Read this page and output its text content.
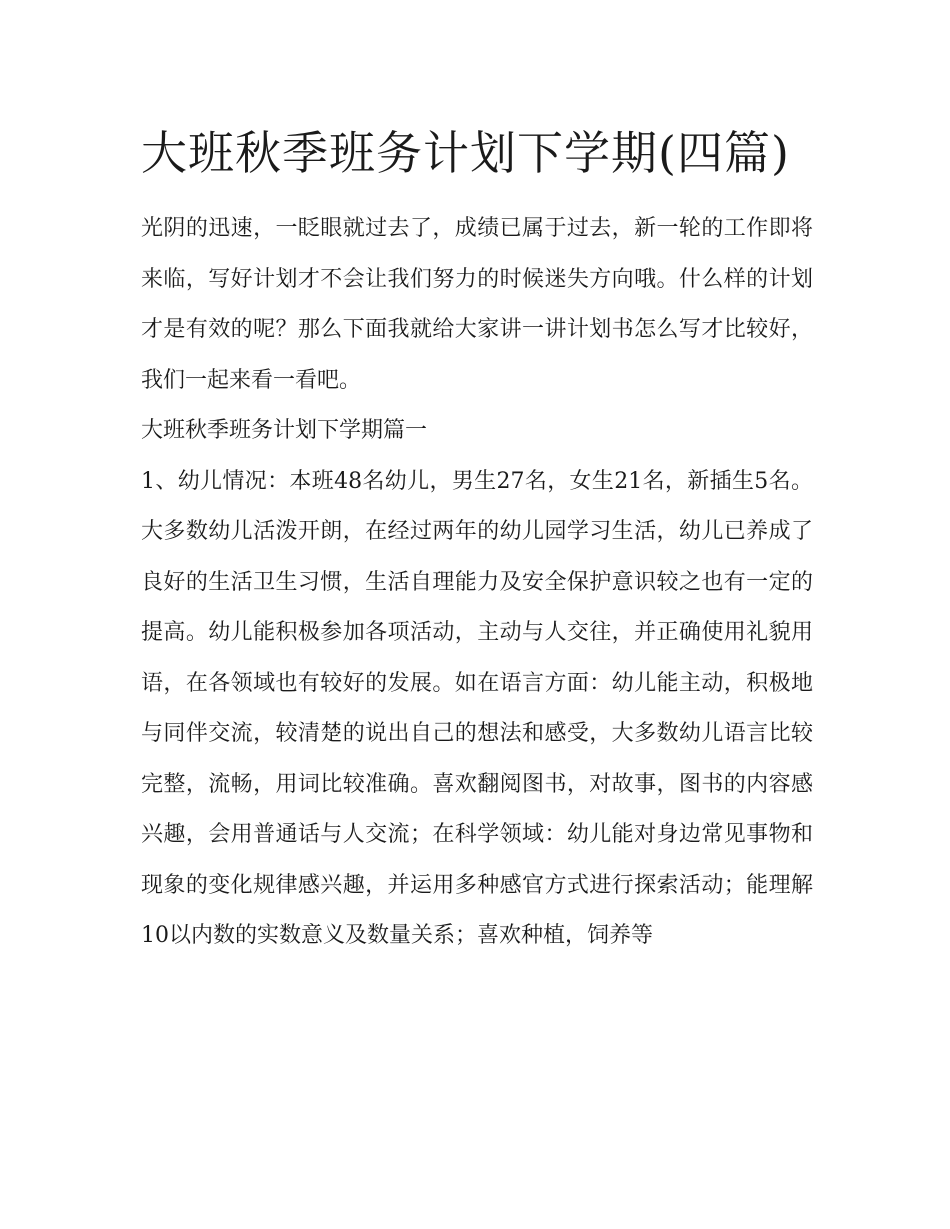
大班秋季班务计划下学期(四篇)

光阴的迅速，一眨眼就过去了，成绩已属于过去，新一轮的工作即将来临，写好计划才不会让我们努力的时候迷失方向哦。什么样的计划才是有效的呢？那么下面我就给大家讲一讲计划书怎么写才比较好，我们一起来看一看吧。

大班秋季班务计划下学期篇一

1、幼儿情况：本班48名幼儿，男生27名，女生21名，新插生5名。大多数幼儿活泼开朗，在经过两年的幼儿园学习生活，幼儿已养成了良好的生活卫生习惯，生活自理能力及安全保护意识较之也有一定的提高。幼儿能积极参加各项活动，主动与人交往，并正确使用礼貌用语，在各领域也有较好的发展。如在语言方面：幼儿能主动，积极地与同伴交流，较清楚的说出自己的想法和感受，大多数幼儿语言比较完整，流畅，用词比较准确。喜欢翻阅图书，对故事，图书的内容感兴趣，会用普通话与人交流；在科学领域：幼儿能对身边常见事物和现象的变化规律感兴趣，并运用多种感官方式进行探索活动；能理解10以内数的实数意义及数量关系；喜欢种植，饲养等
